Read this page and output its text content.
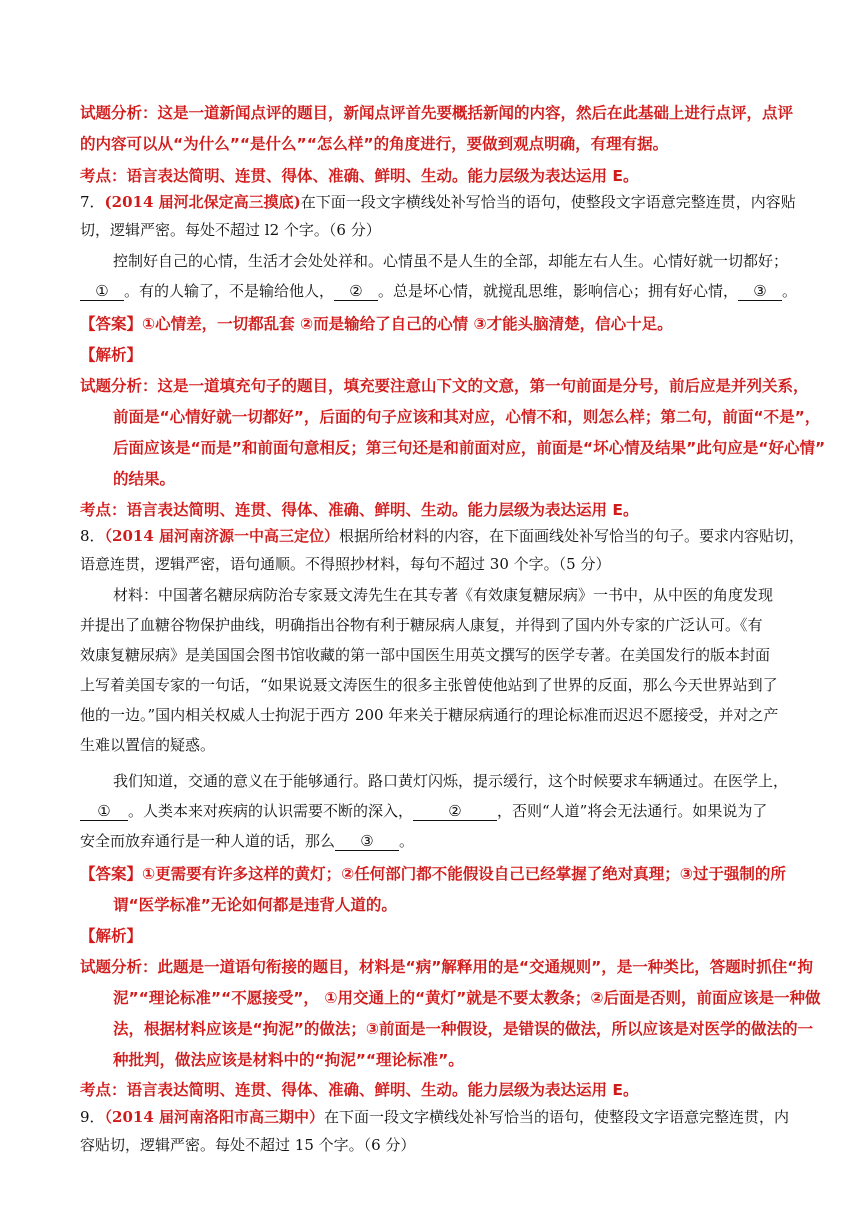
试题分析：这是一道新闻点评的题目，新闻点评首先要概括新闻的内容，然后在此基础上进行点评，点评
的内容可以从“为什么”“是什么”“怎么样”的角度进行，要做到观点明确，有理有据。
考点：语言表达简明、连贯、得体、准确、鲜明、生动。能力层级为表达运用 E。
7．(2014 届河北保定高三摸底)在下面一段文字横线处补写恰当的语句，使整段文字语意完整连贯，内容贴
切，逻辑严密。每处不超过 l2 个字。（6 分）
控制好自己的心情，生活才会处处祥和。心情虽不是人生的全部，却能左右人生。心情好就一切都好；
① 。有的人输了，不是输给他人， ② 。总是坏心情，就搅乱思维，影响信心；拥有好心情， ③ 。
【答案】①心情差，一切都乱套 ②而是输给了自己的心情 ③才能头脑清楚，信心十足。
【解析】
试题分析：这是一道填充句子的题目，填充要注意山下文的文意，第一句前面是分号，前后应是并列关系，
前面是“心情好就一切都好”，后面的句子应该和其对应，心情不和，则怎么样；第二句，前面“不是”，
后面应该是“而是”和前面句意相反；第三句还是和前面对应，前面是“坏心情及结果”此句应是“好心情”
的结果。
考点：语言表达简明、连贯、得体、准确、鲜明、生动。能力层级为表达运用 E。
8．（2014 届河南济源一中高三定位）根据所给材料的内容，在下面画线处补写恰当的句子。要求内容贴切，
语意连贯，逻辑严密，语句通顺。不得照抄材料，每句不超过 30 个字。（5 分）
材料：中国著名糖尿病防治专家聂文涛先生在其专著《有效康复糖尿病》一书中，从中医的角度发现
并提出了血糖谷物保护曲线，明确指出谷物有利于糖尿病人康复，并得到了国内外专家的广泛认可。《有
效康复糖尿病》是美国国会图书馆收藏的第一部中国医生用英文撰写的医学专著。在美国发行的版本封面
上写着美国专家的一句话，“如果说聂文涛医生的很多主张曾使他站到了世界的反面，那么今天世界站到了
他的一边。”国内相关权威人士拘泥于西方 200 年来关于糖尿病通行的理论标准而迟迟不愿接受，并对之产
生难以置信的疑惑。
我们知道，交通的意义在于能够通行。路口黄灯闪烁，提示缓行，这个时候要求车辆通过。在医学上，
① 。人类本来对疾病的认识需要不断的深入， ② ，否则“人道”将会无法通行。如果说为了
安全而放弃通行是一种人道的话，那么 ③ 。
【答案】①更需要有许多这样的黄灯；②任何部门都不能假设自己已经掌握了绝对真理；③过于强制的所
谓“医学标准”无论如何都是违背人道的。
【解析】
试题分析：此题是一道语句衔接的题目，材料是“病”解释用的是“交通规则”，是一种类比，答题时抓住“拘
泥”“理论标准”“不愿接受”， ①用交通上的“黄灯”就是不要太教条；②后面是否则，前面应该是一种做
法，根据材料应该是“拘泥”的做法；③前面是一种假设，是错误的做法，所以应该是对医学的做法的一
种批判，做法应该是材料中的“拘泥”“理论标准”。
考点：语言表达简明、连贯、得体、准确、鲜明、生动。能力层级为表达运用 E。
9．（2014 届河南洛阳市高三期中）在下面一段文字横线处补写恰当的语句，使整段文字语意完整连贯，内
容贴切，逻辑严密。每处不超过 15 个字。（6 分）
